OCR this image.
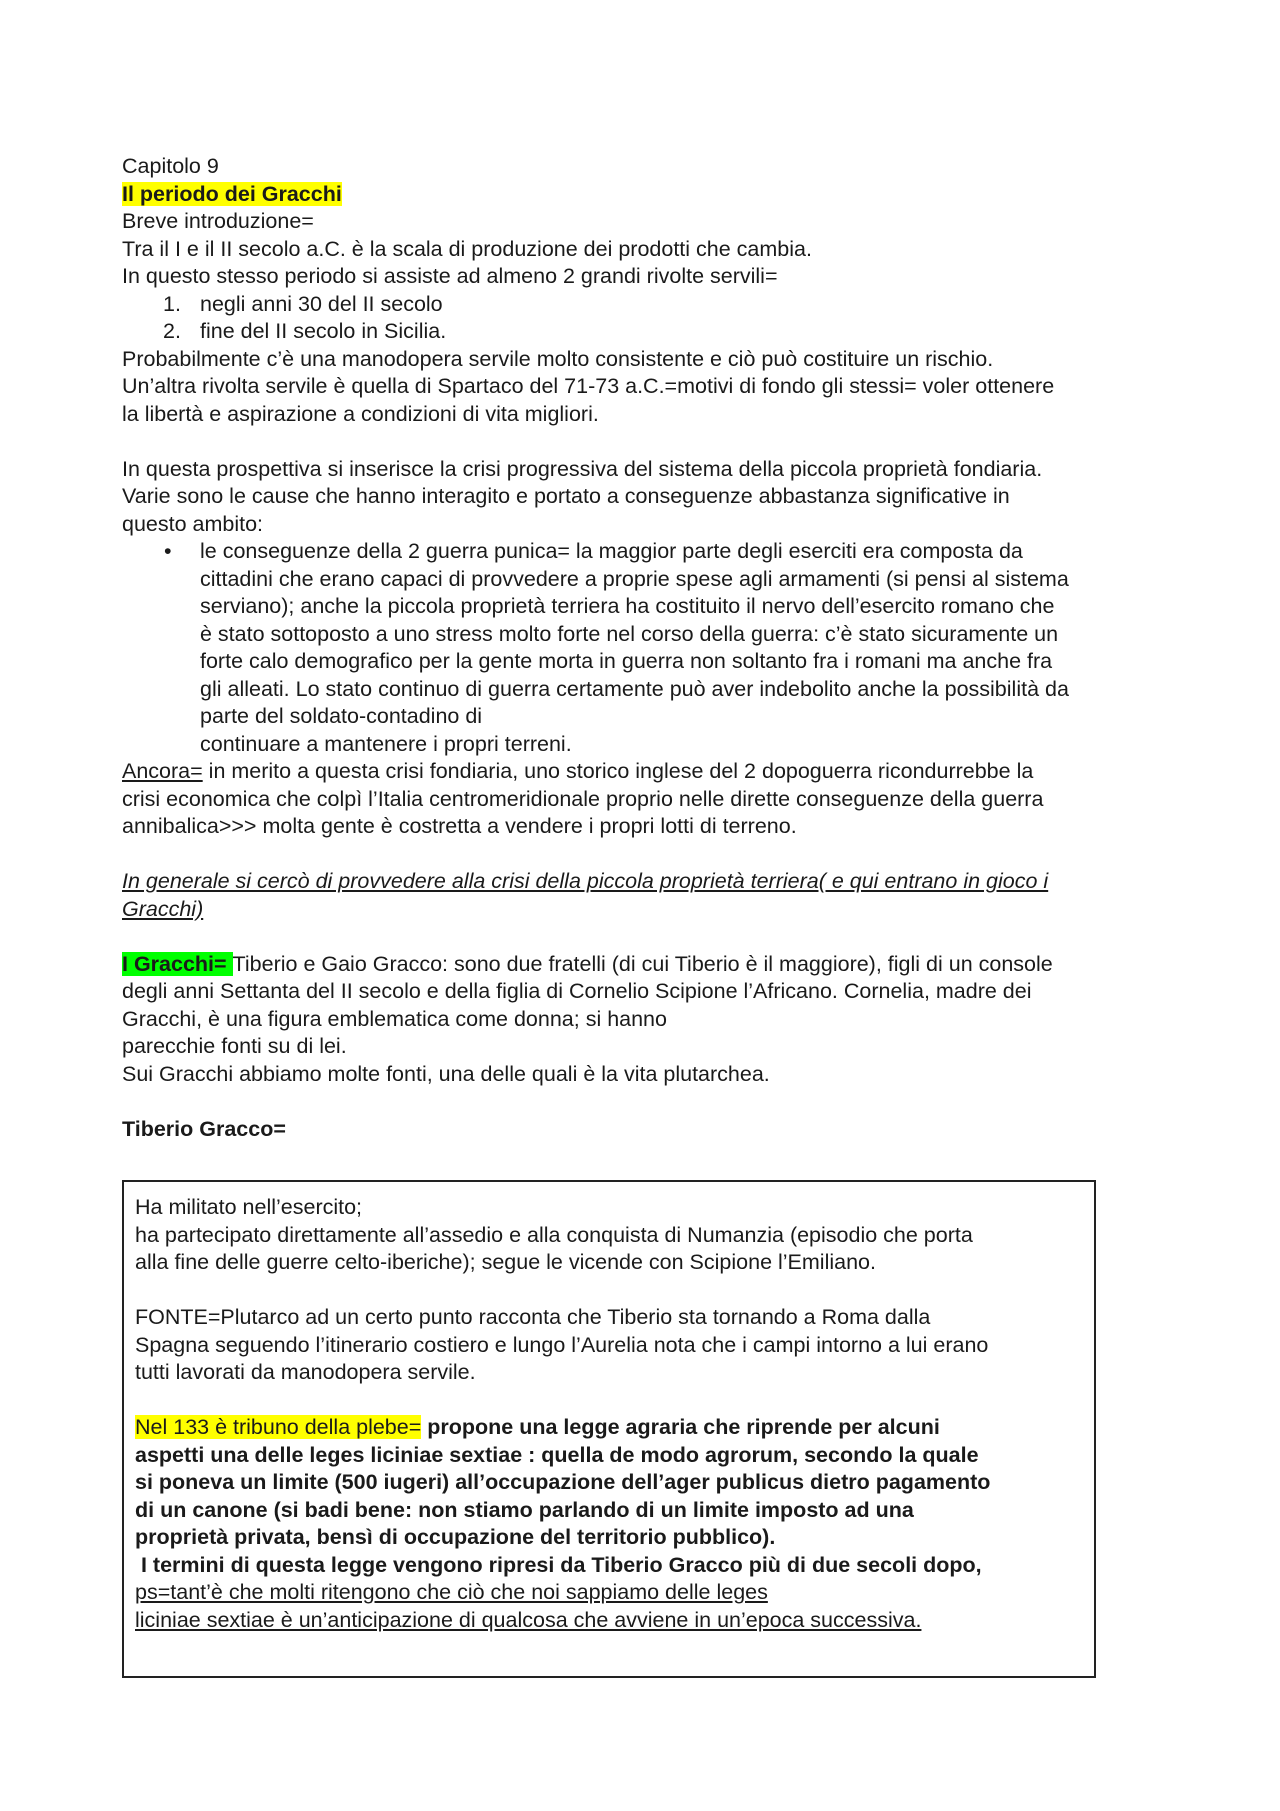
Capitolo 9
Il periodo dei Gracchi
Breve introduzione=
Tra il I e il II secolo a.C. è la scala di produzione dei prodotti che cambia.
In questo stesso periodo si assiste ad almeno 2 grandi rivolte servili=
1. negli anni 30 del II secolo
2. fine del II secolo in Sicilia.
Probabilmente c’è una manodopera servile molto consistente e ciò può costituire un rischio.
Un’altra rivolta servile è quella di Spartaco del 71-73 a.C.=motivi di fondo gli stessi= voler ottenere
la libertà e aspirazione a condizioni di vita migliori.
In questa prospettiva si inserisce la crisi progressiva del sistema della piccola proprietà fondiaria.
Varie sono le cause che hanno interagito e portato a conseguenze abbastanza significative in
questo ambito:
• le conseguenze della 2 guerra punica= la maggior parte degli eserciti era composta da
cittadini che erano capaci di provvedere a proprie spese agli armamenti (si pensi al sistema
serviano); anche la piccola proprietà terriera ha costituito il nervo dell’esercito romano che
è stato sottoposto a uno stress molto forte nel corso della guerra: c’è stato sicuramente un
forte calo demografico per la gente morta in guerra non soltanto fra i romani ma anche fra
gli alleati. Lo stato continuo di guerra certamente può aver indebolito anche la possibilità da
parte del soldato-contadino di
continuare a mantenere i propri terreni.
Ancora= in merito a questa crisi fondiaria, uno storico inglese del 2 dopoguerra ricondurrebbe la
crisi economica che colpì l’Italia centromeridionale proprio nelle dirette conseguenze della guerra
annibalica>>> molta gente è costretta a vendere i propri lotti di terreno.
In generale si cercò di provvedere alla crisi della piccola proprietà terriera( e qui entrano in gioco i
Gracchi)
I Gracchi= Tiberio e Gaio Gracco: sono due fratelli (di cui Tiberio è il maggiore), figli di un console
degli anni Settanta del II secolo e della figlia di Cornelio Scipione l’Africano. Cornelia, madre dei
Gracchi, è una figura emblematica come donna; si hanno
parecchie fonti su di lei.
Sui Gracchi abbiamo molte fonti, una delle quali è la vita plutarchea.
Tiberio Gracco=
Ha militato nell’esercito;
ha partecipato direttamente all’assedio e alla conquista di Numanzia (episodio che porta
alla fine delle guerre celto-iberiche); segue le vicende con Scipione l’Emiliano.
FONTE=Plutarco ad un certo punto racconta che Tiberio sta tornando a Roma dalla
Spagna seguendo l’itinerario costiero e lungo l’Aurelia nota che i campi intorno a lui erano
tutti lavorati da manodopera servile.
Nel 133 è tribuno della plebe= propone una legge agraria che riprende per alcuni
aspetti una delle leges liciniae sextiae : quella de modo agrorum, secondo la quale
si poneva un limite (500 iugeri) all’occupazione dell’ager publicus dietro pagamento
di un canone (si badi bene: non stiamo parlando di un limite imposto ad una
proprietà privata, bensì di occupazione del territorio pubblico).
I termini di questa legge vengono ripresi da Tiberio Gracco più di due secoli dopo,
ps=tant’è che molti ritengono che ciò che noi sappiamo delle leges
liciniae sextiae è un’anticipazione di qualcosa che avviene in un’epoca successiva.
